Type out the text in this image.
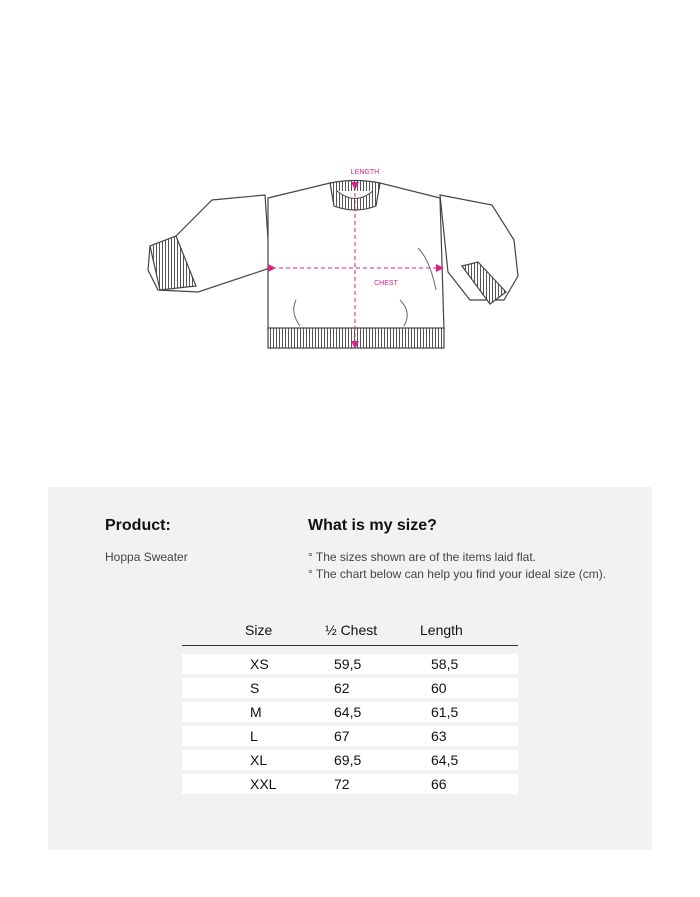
LENGTH
CHEST
Product:	What is my size?
Hoppa Sweater	° The sizes shown are of the items laid flat.
° The chart below can help you find your ideal size (cm).
Size	½ Chest	Length
XS	59,5	58,5
S	62	60
M	64,5	61,5
L	67	63
XL	69,5	64,5
XXL	72	66
